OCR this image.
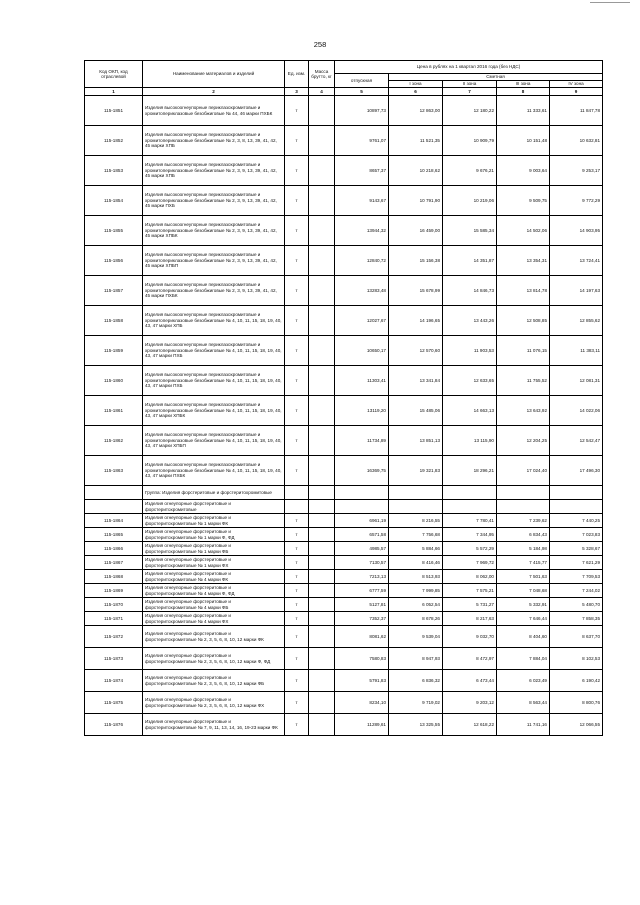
258
Код ОКП, код отраслевой	Наименование материалов и изделий	Ед. изм.	Масса брутто, кг	Цена в рублях на 1 квартал 2016 года (без НДС)				
				отпускная	Сметная			
					I зона	II зона	III зона	IV зона
1	2	3	4	5	6	7	8	9
115-1851	Изделия высокоогнеупорные периклазохромитовые и хромитопериклазовые безобжиговые № 44, 46 марки ПХБК	т		10897,73	12 863,00	12 180,22	11 333,61	11 847,78
115-1852	Изделия высокоогнеупорные периклазохромитовые и хромитопериклазовые безобжиговые № 2, 3, 8, 13, 39, 41, 42, 45 марки ХПБ	т		9761,07	11 521,35	10 909,79	10 151,48	10 632,81
115-1853	Изделия высокоогнеупорные периклазохромитовые и хромитопериклазовые безобжиговые № 2, 3, 9, 13, 39, 41, 42, 45 марки ХПБ	т		8657,37	10 218,62	9 676,21	9 003,64	9 253,17
115-1854	Изделия высокоогнеупорные периклазохромитовые и хромитопериклазовые безобжиговые № 2, 3, 9, 13, 39, 41, 42, 45 марки ПХБ	т		9143,67	10 791,90	10 219,06	9 509,75	9 772,29
115-1855	Изделия высокоогнеупорные периклазохромитовые и хромитопериклазовые безобжиговые № 2, 3, 9, 13, 39, 41, 42, 45 марки ХПБК	т		13944,32	16 459,00	15 585,34	14 502,06	14 903,95
115-1856	Изделия высокоогнеупорные периклазохромитовые и хромитопериклазовые безобжиговые № 2, 3, 9, 13, 39, 41, 42, 45 марки ХПБП	т		12840,72	15 156,38	14 351,87	13 354,31	13 724,41
115-1857	Изделия высокоогнеупорные периклазохромитовые и хромитопериклазовые безобжиговые № 2, 3, 9, 13, 39, 41, 42, 45 марки ПХБК	т		13283,48	15 678,99	14 846,73	13 814,78	14 197,63
115-1858	Изделия высокоогнеупорные периклазохромитовые и хромитопериклазовые безобжиговые № 4, 10, 11, 15, 18, 19, 40, 43, 47 марки ХПБ	т		12027,67	14 196,65	13 443,26	12 508,85	12 855,62
115-1859	Изделия высокоогнеупорные периклазохромитовые и хромитопериклазовые безобжиговые № 4, 10, 11, 15, 18, 19, 40, 43, 47 марки ПХБ	т		10650,17	12 570,60	11 903,53	11 076,15	11 383,11
115-1860	Изделия высокоогнеупорные периклазохромитовые и хромитопериклазовые безобжиговые № 4, 10, 11, 15, 18, 19, 40, 43, 47 марки ПХБ	т		11303,41	13 341,84	12 633,65	11 755,52	12 081,31
115-1861	Изделия высокоогнеупорные периклазохромитовые и хромитопериклазовые безобжиговые № 4, 10, 11, 15, 18, 19, 40, 43, 47 марки ХПБК	т		13119,20	15 485,06	14 663,13	13 643,92	14 022,06
115-1862	Изделия высокоогнеупорные периклазохромитовые и хромитопериклазовые безобжиговые № 4, 10, 11, 15, 18, 19, 40, 43, 47 марки ХПБП	т		11734,89	13 851,13	13 115,90	12 204,25	12 542,47
115-1863	Изделия высокоогнеупорные периклазохромитовые и хромитопериклазовые безобжиговые № 4, 10, 11, 15, 18, 19, 40, 43, 47 марки ПХБК	т		16369,75	19 321,83	18 296,21	17 024,40	17 496,30
	Группа: Изделия форстеритовые и форстеритохромитовые							
	Изделия огнеупорные форстеритовые и форстеритохромитовые							
115-1864	Изделия огнеупорные форстеритовые и форстеритохромитовые № 1 марки ФК	т		6961,19	8 216,55	7 780,41	7 239,62	7 440,25
115-1865	Изделия огнеупорные форстеритовые и форстеритохромитовые № 1 марки Ф, ФД	т		6571,58	7 756,68	7 344,95	6 834,43	7 023,83
115-1866	Изделия огнеупорные форстеритовые и форстеритохромитовые № 1 марки ФБ	т		4985,57	5 884,66	5 572,29	5 184,98	5 328,67
115-1867	Изделия огнеупорные форстеритовые и форстеритохромитовые № 1 марки ФХ	т		7130,57	8 416,46	7 969,72	7 415,77	7 621,29
115-1868	Изделия огнеупорные форстеритовые и форстеритохромитовые № 4 марки ФК	т		7213,13	8 513,93	8 062,00	7 501,63	7 709,53
115-1869	Изделия огнеупорные форстеритовые и форстеритохромитовые № 4 марки Ф, ФД	т		6777,59	7 999,85	7 575,21	7 048,68	7 244,02
115-1870	Изделия огнеупорные форстеритовые и форстеритохромитовые № 4 марки ФБ	т		5127,81	6 052,54	5 731,27	5 332,91	5 480,70
115-1871	Изделия огнеупорные форстеритовые и форстеритохромитовые № 4 марки ФХ	т		7352,37	8 678,26	8 217,63	7 646,44	7 858,35
115-1872	Изделия огнеупорные форстеритовые и форстеритохромитовые № 2, 3, 5, 6, 8, 10, 12 марки ФК	т		8081,62	9 539,04	9 032,70	8 404,60	8 637,70
115-1873	Изделия огнеупорные форстеритовые и форстеритохромитовые № 2, 3, 5, 6, 8, 10, 12 марки Ф, ФД	т		7580,83	8 947,93	8 472,97	7 884,04	8 102,53
115-1874	Изделия огнеупорные форстеритовые и форстеритохромитовые № 2, 3, 5, 6, 8, 10, 12 марки ФБ	т		5791,83	6 836,32	6 473,44	6 023,49	6 190,42
115-1875	Изделия огнеупорные форстеритовые и форстеритохромитовые № 2, 3, 5, 6, 8, 10, 12 марки ФХ	т		8234,10	9 719,02	9 203,12	8 563,44	8 800,76
115-1876	Изделия огнеупорные форстеритовые и форстеритохромитовые № 7, 9, 11, 13, 14, 16, 19-23 марки ФК	т		11289,61	13 325,55	12 618,22	11 741,16	12 066,55
